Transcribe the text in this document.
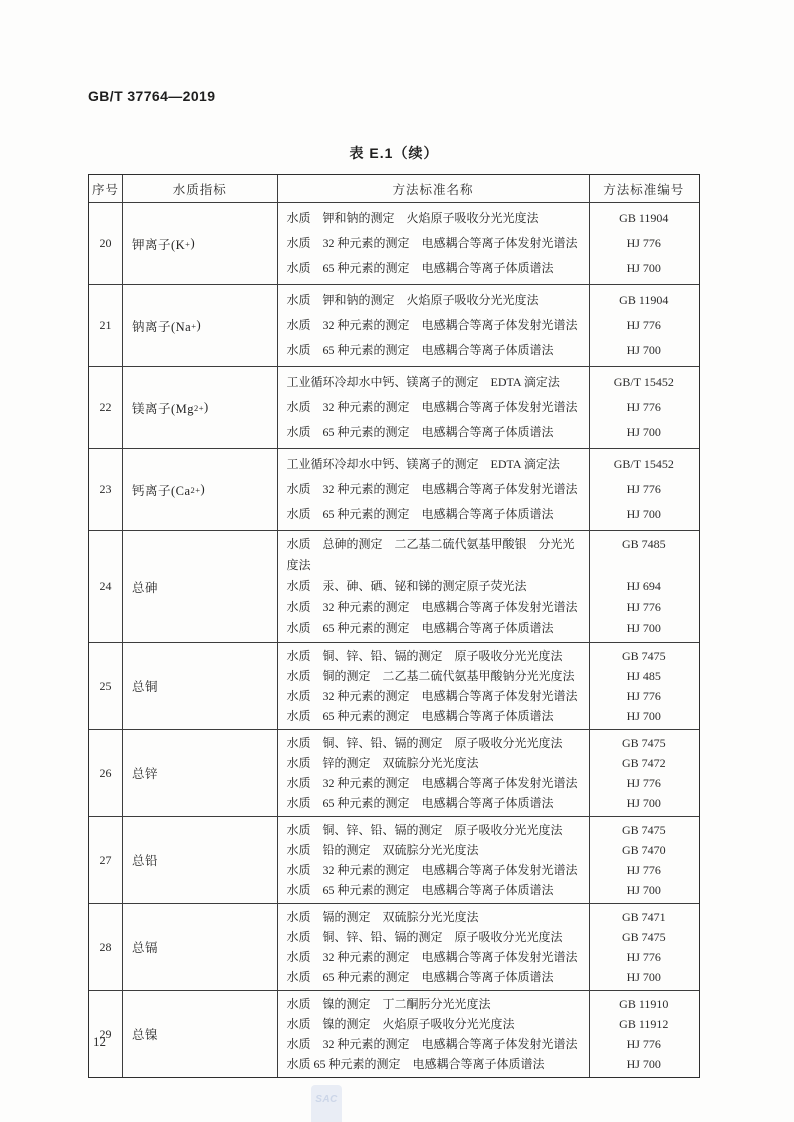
GB/T 37764—2019
表 E.1（续）
序号	水质指标	方法标准名称	方法标准编号
20	钾离子(K + )
水质　钾和钠的测定　火焰原子吸收分光光度法	GB 11904
水质　32 种元素的测定　电感耦合等离子体发射光谱法	HJ 776
水质　65 种元素的测定　电感耦合等离子体质谱法	HJ 700
21	钠离子(Na + )
水质　钾和钠的测定　火焰原子吸收分光光度法	GB 11904
水质　32 种元素的测定　电感耦合等离子体发射光谱法	HJ 776
水质　65 种元素的测定　电感耦合等离子体质谱法	HJ 700
22	镁离子(Mg 2+ )
工业循环冷却水中钙、镁离子的测定　EDTA 滴定法	GB/T 15452
水质　32 种元素的测定　电感耦合等离子体发射光谱法	HJ 776
水质　65 种元素的测定　电感耦合等离子体质谱法	HJ 700
23	钙离子(Ca 2+ )
工业循环冷却水中钙、镁离子的测定　EDTA 滴定法	GB/T 15452
水质　32 种元素的测定　电感耦合等离子体发射光谱法	HJ 776
水质　65 种元素的测定　电感耦合等离子体质谱法	HJ 700
24	总砷
水质　总砷的测定　二乙基二硫代氨基甲酸银　分光光度法
GB 7485
水质　汞、砷、硒、铋和锑的测定原子荧光法	HJ 694
水质　32 种元素的测定　电感耦合等离子体发射光谱法	HJ 776
水质　65 种元素的测定　电感耦合等离子体质谱法	HJ 700
25	总铜
水质　铜、锌、铅、镉的测定　原子吸收分光光度法	GB 7475
水质　铜的测定　二乙基二硫代氨基甲酸钠分光光度法	HJ 485
水质　32 种元素的测定　电感耦合等离子体发射光谱法	HJ 776
水质　65 种元素的测定　电感耦合等离子体质谱法	HJ 700
26	总锌
水质　铜、锌、铅、镉的测定　原子吸收分光光度法	GB 7475
水质　锌的测定　双硫腙分光光度法	GB 7472
水质　32 种元素的测定　电感耦合等离子体发射光谱法	HJ 776
水质　65 种元素的测定　电感耦合等离子体质谱法	HJ 700
27	总铅
水质　铜、锌、铅、镉的测定　原子吸收分光光度法	GB 7475
水质　铅的测定　双硫腙分光光度法	GB 7470
水质　32 种元素的测定　电感耦合等离子体发射光谱法	HJ 776
水质　65 种元素的测定　电感耦合等离子体质谱法	HJ 700
28	总镉
水质　镉的测定　双硫腙分光光度法	GB 7471
水质　铜、锌、铅、镉的测定　原子吸收分光光度法	GB 7475
水质　32 种元素的测定　电感耦合等离子体发射光谱法	HJ 776
水质　65 种元素的测定　电感耦合等离子体质谱法	HJ 700
29	总镍
水质　镍的测定　丁二酮肟分光光度法	GB 11910
水质　镍的测定　火焰原子吸收分光光度法	GB 11912
水质　32 种元素的测定　电感耦合等离子体发射光谱法	HJ 776
水质 65 种元素的测定　电感耦合等离子体质谱法	HJ 700
12
SAC
